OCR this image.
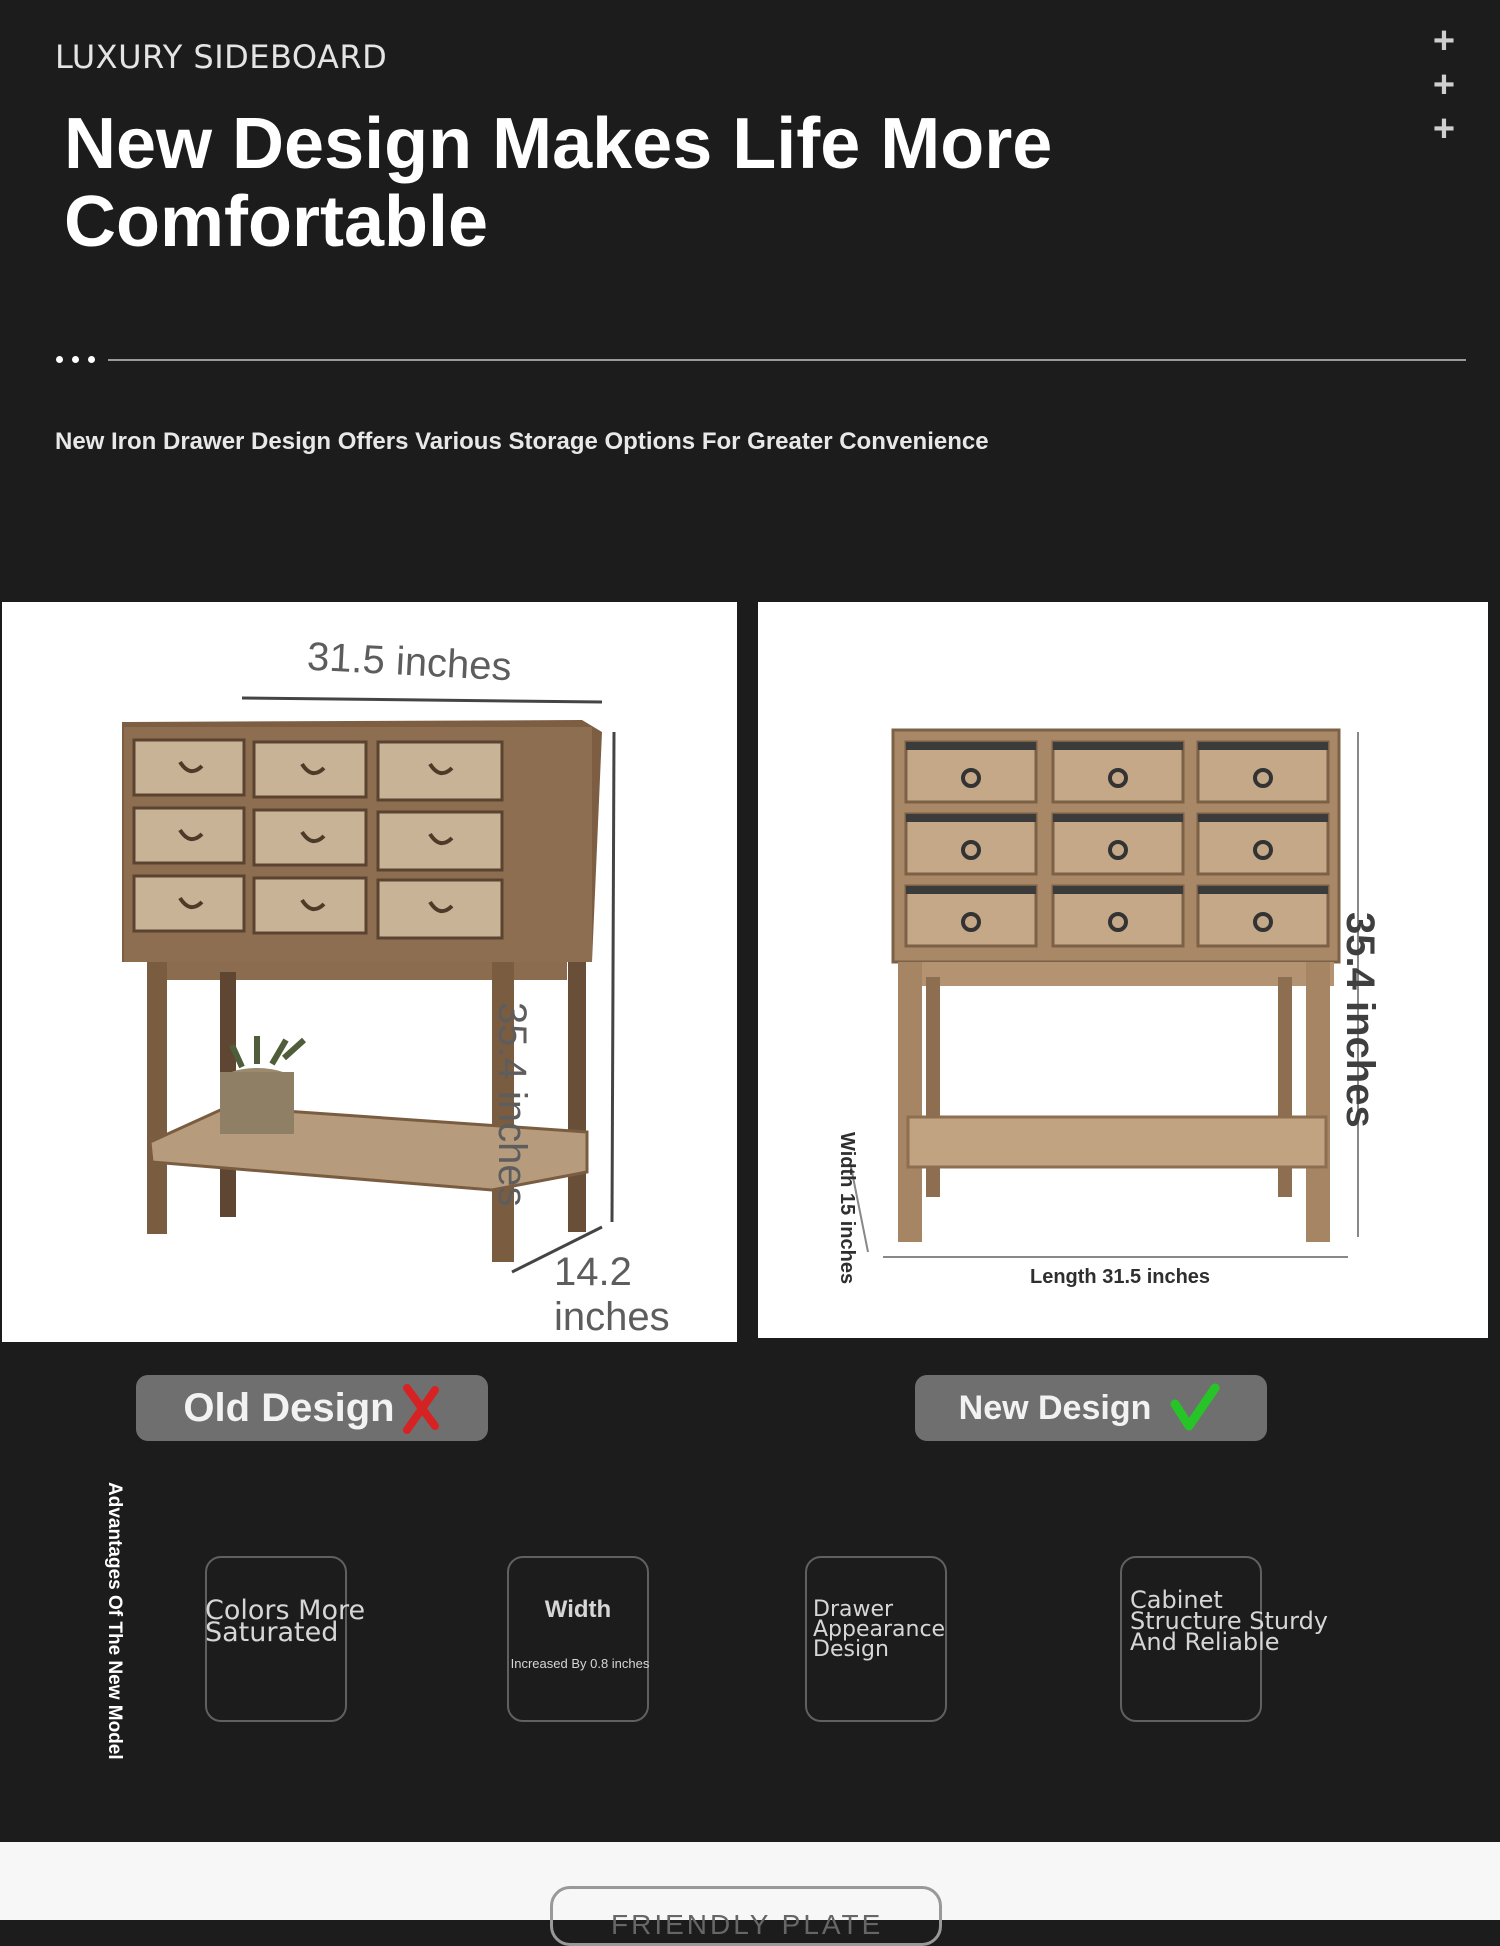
LUXURY SIDEBOARD	+
+
+
New Design Makes Life More
Comfortable
New Iron Drawer Design Offers Various Storage Options For Greater Convenience
31.5 inches
35.4 inches
14.2 inches
35.4 inches
Length 31.5 inches
Width 15 inches
Old Design	New Design
Advantages Of The New Model	Colors More Saturated
Width
Increased By 0.8 inches
Drawer Appearance Design
Cabinet Structure Sturdy And Reliable
FRIENDLY PLATE
